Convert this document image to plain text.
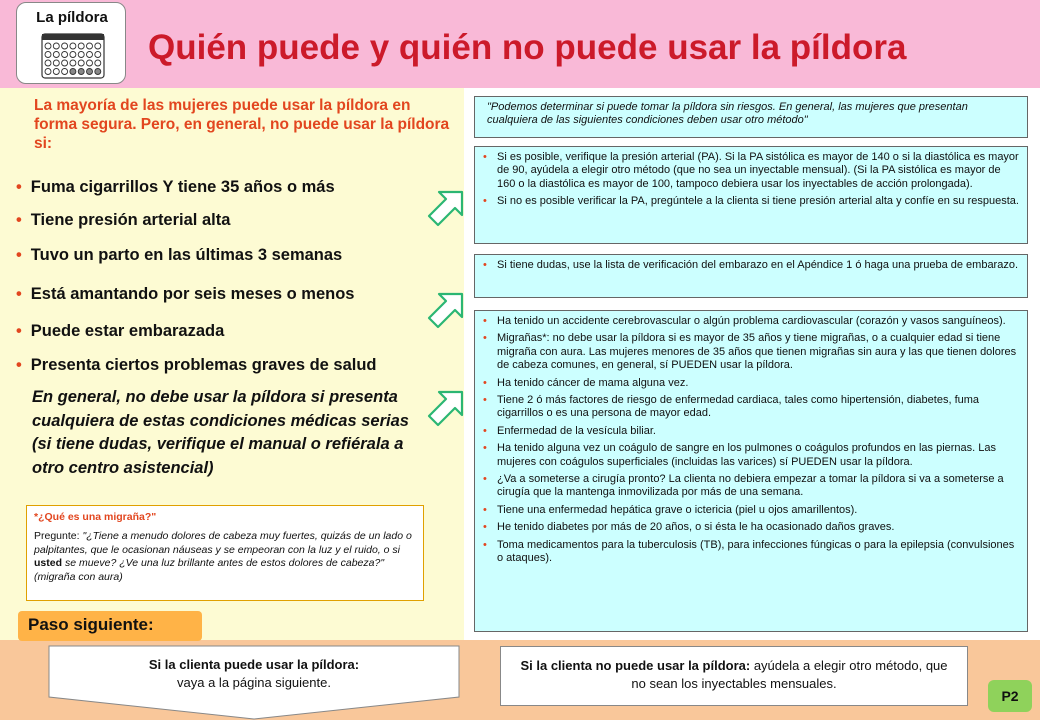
La píldora
Quién puede y quién no puede usar la píldora
La mayoría de las mujeres puede usar la píldora en forma segura. Pero, en general, no puede usar la píldora si:
• Fuma cigarrillos Y tiene 35 años o más
• Tiene presión arterial alta
• Tuvo un parto en las últimas 3 semanas
• Está amantando por seis meses o menos
• Puede estar embarazada
• Presenta ciertos problemas graves de salud
En general, no debe usar la píldora si presenta cualquiera de estas condiciones médicas serias (si tiene dudas, verifique el manual o refiérala a otro centro asistencial)
*¿Qué es una migraña?"
Pregunte: "¿Tiene a menudo dolores de cabeza muy fuertes, quizás de un lado o palpitantes, que le ocasionan náuseas y se empeoran con la luz y el ruido, o si usted se mueve? ¿Ve una luz brillante antes de estos dolores de cabeza?" (migraña con aura)
"Podemos determinar si puede tomar la píldora sin riesgos. En general, las mujeres que presentan cualquiera de las siguientes condiciones deben usar otro método"
• Si es posible, verifique la presión arterial (PA). Si la PA sistólica es mayor de 140 o si la diastólica es mayor de 90, ayúdela a elegir otro método (que no sea un inyectable mensual). (Si la PA sistólica es mayor de 160 o la diastólica es mayor de 100, tampoco debiera usar los inyectables de acción prolongada).
• Si no es posible verificar la PA, pregúntele a la clienta si tiene presión arterial alta y confíe en su respuesta.
• Si tiene dudas, use la lista de verificación del embarazo en el Apéndice 1 ó haga una prueba de embarazo.
• Ha tenido un accidente cerebrovascular o algún problema cardiovascular (corazón y vasos sanguíneos).
• Migrañas*: no debe usar la píldora si es mayor de 35 años y tiene migrañas, o a cualquier edad si tiene migraña con aura. Las mujeres menores de 35 años que tienen migrañas sin aura y las que tienen dolores de cabeza comunes, en general, sí PUEDEN usar la píldora.
• Ha tenido cáncer de mama alguna vez.
• Tiene 2 ó más factores de riesgo de enfermedad cardiaca, tales como hipertensión, diabetes, fuma cigarrillos o es una persona de mayor edad.
• Enfermedad de la vesícula biliar.
• Ha tenido alguna vez un coágulo de sangre en los pulmones o coágulos profundos en las piernas. Las mujeres con coágulos superficiales (incluidas las varices) sí PUEDEN usar la píldora.
• ¿Va a someterse a cirugía pronto? La clienta no debiera empezar a tomar la píldora si va a someterse a cirugía que la mantenga inmovilizada por más de una semana.
• Tiene una enfermedad hepática grave o ictericia (piel u ojos amarillentos).
• He tenido diabetes por más de 20 años, o si ésta le ha ocasionado daños graves.
• Toma medicamentos para la tuberculosis (TB), para infecciones fúngicas o para la epilepsia (convulsiones o ataques).
Paso siguiente:
Si la clienta puede usar la píldora:
vaya a la página siguiente.
Si la clienta no puede usar la píldora: ayúdela a elegir otro método, que no sean los inyectables mensuales.
P2
